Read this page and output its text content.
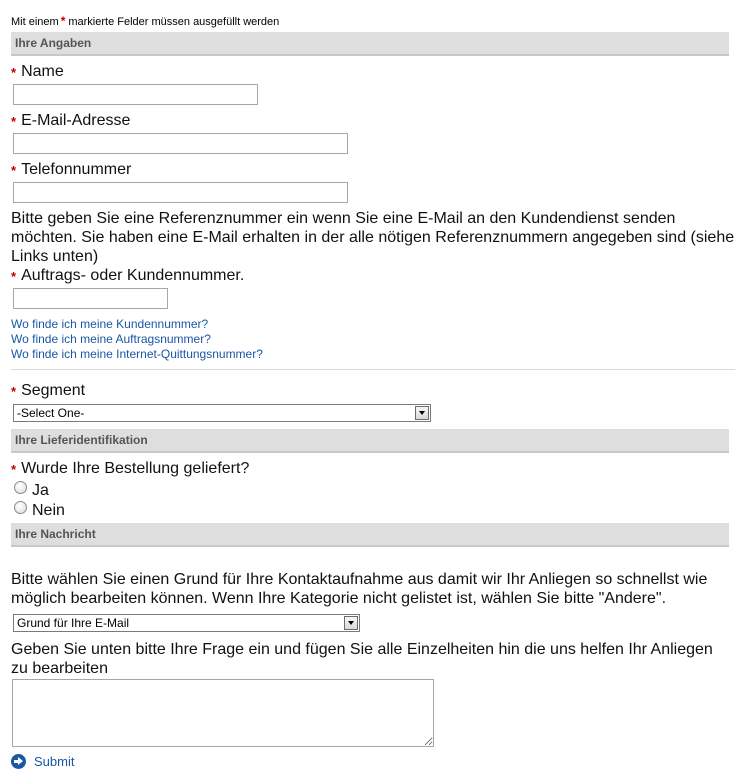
Mit einem * markierte Felder müssen ausgefüllt werden
Ihre Angaben
* Name
* E-Mail-Adresse
* Telefonnummer
Bitte geben Sie eine Referenznummer ein wenn Sie eine E-Mail an den Kundendienst senden möchten. Sie haben eine E-Mail erhalten in der alle nötigen Referenznummern angegeben sind (siehe Links unten)
* Auftrags- oder Kundennummer.
Wo finde ich meine Kundennummer?
Wo finde ich meine Auftragsnummer?
Wo finde ich meine Internet-Quittungsnummer?
* Segment
-Select One-
Ihre Lieferidentifikation
* Wurde Ihre Bestellung geliefert?
Ja
Nein
Ihre Nachricht
Bitte wählen Sie einen Grund für Ihre Kontaktaufnahme aus damit wir Ihr Anliegen so schnellst wie möglich bearbeiten können. Wenn Ihre Kategorie nicht gelistet ist, wählen Sie bitte "Andere".
Grund für Ihre E-Mail
Geben Sie unten bitte Ihre Frage ein und fügen Sie alle Einzelheiten hin die uns helfen Ihr Anliegen zu bearbeiten
Submit
